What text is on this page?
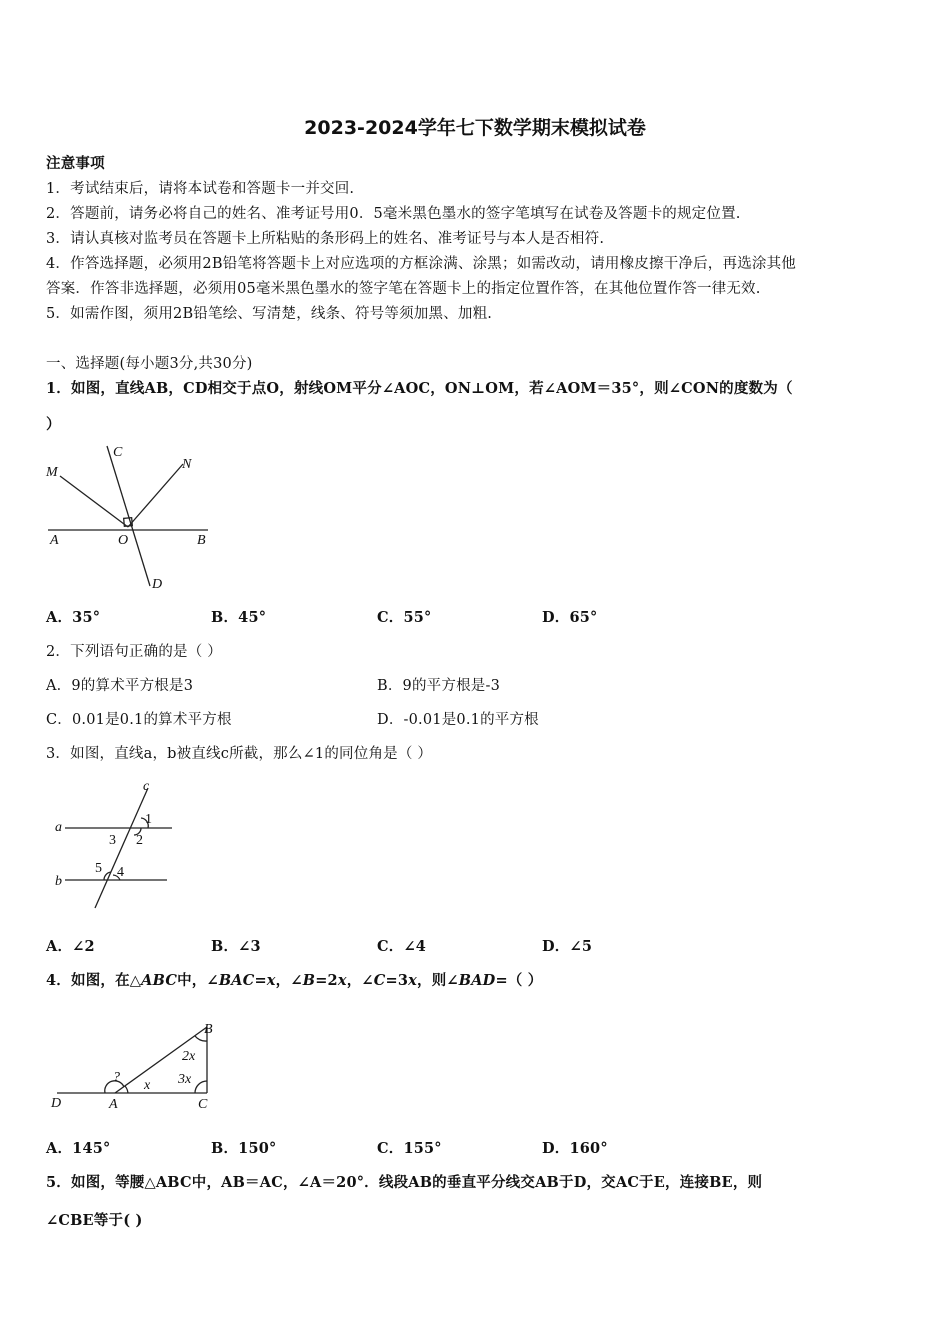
2023-2024学年七下数学期末模拟试卷
注意事项
1．考试结束后，请将本试卷和答题卡一并交回.
2．答题前，请务必将自己的姓名、准考证号用0．5毫米黑色墨水的签字笔填写在试卷及答题卡的规定位置.
3．请认真核对监考员在答题卡上所粘贴的条形码上的姓名、准考证号与本人是否相符.
4．作答选择题，必须用2B铅笔将答题卡上对应选项的方框涂满、涂黑；如需改动，请用橡皮擦干净后，再选涂其他
答案．作答非选择题，必须用05毫米黑色墨水的签字笔在答题卡上的指定位置作答，在其他位置作答一律无效.
5．如需作图，须用2B铅笔绘、写清楚，线条、符号等须加黑、加粗.
一、选择题(每小题3分,共30分)
1．如图，直线AB，CD相交于点O，射线OM平分∠AOC，ON⊥OM，若∠AOM＝35°，则∠CON的度数为（
）
M
C
N
A	O	B
D
A．35°	B．45°	C．55°	D．65°
2．下列语句正确的是（ ）
A．9的算术平方根是3	B．9的平方根是-3
C．0.01是0.1的算术平方根	D．-0.01是0.1的平方根
3．如图，直线a，b被直线c所截，那么∠1的同位角是（ ）
c
a
b
1
2
3
5 4
A．∠2	B．∠3	C．∠4	D．∠5
4．如图，在△ABC中，∠BAC=x，∠B=2x，∠C=3x，则∠BAD=（ ）
B
2x
?
x 3x
D	A	C
A．145°	B．150°	C．155°	D．160°
5．如图，等腰△ABC中，AB＝AC，∠A＝20°．线段AB的垂直平分线交AB于D，交AC于E，连接BE，则
∠CBE等于( )
